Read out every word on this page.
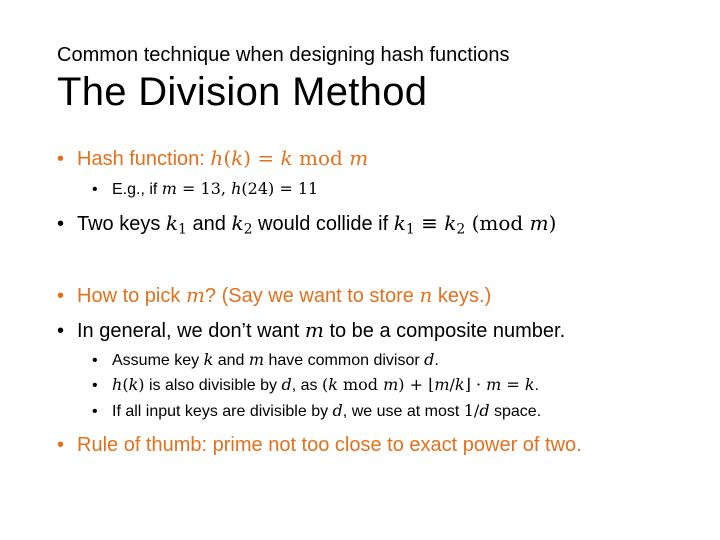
Common technique when designing hash functions
The Division Method
• Hash function: h(k) = k mod m
• E.g., if m = 13, h(24) = 11
• Two keys $k_1$ and $k_2$ would collide if $k_1 \equiv k_2$ (mod m)
• How to pick m? (Say we want to store n keys.)
• In general, we don’t want m to be a composite number.
• Assume key k and m have common divisor d.
• h(k) is also divisible by d, as (k mod m) + ⌊m/k⌋ · m = k.
• If all input keys are divisible by d, we use at most 1/d space.
• Rule of thumb: prime not too close to exact power of two.
